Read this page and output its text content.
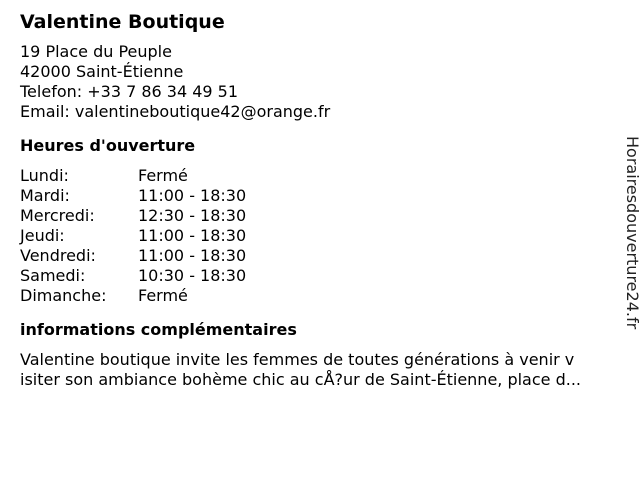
Valentine Boutique
19 Place du Peuple
42000 Saint-Étienne
Telefon: +33 7 86 34 49 51
Email: valentineboutique42@orange.fr
Heures d'ouverture
Lundi:	Fermé
Mardi:	11:00 - 18:30
Mercredi:	12:30 - 18:30
Jeudi:	11:00 - 18:30
Vendredi:	11:00 - 18:30
Samedi:	10:30 - 18:30
Dimanche:	Fermé
informations complémentaires
Valentine boutique invite les femmes de toutes générations à venir v
isiter son ambiance bohème chic au cÅ?ur de Saint-Étienne, place d...
Horairesdouverture24.fr
